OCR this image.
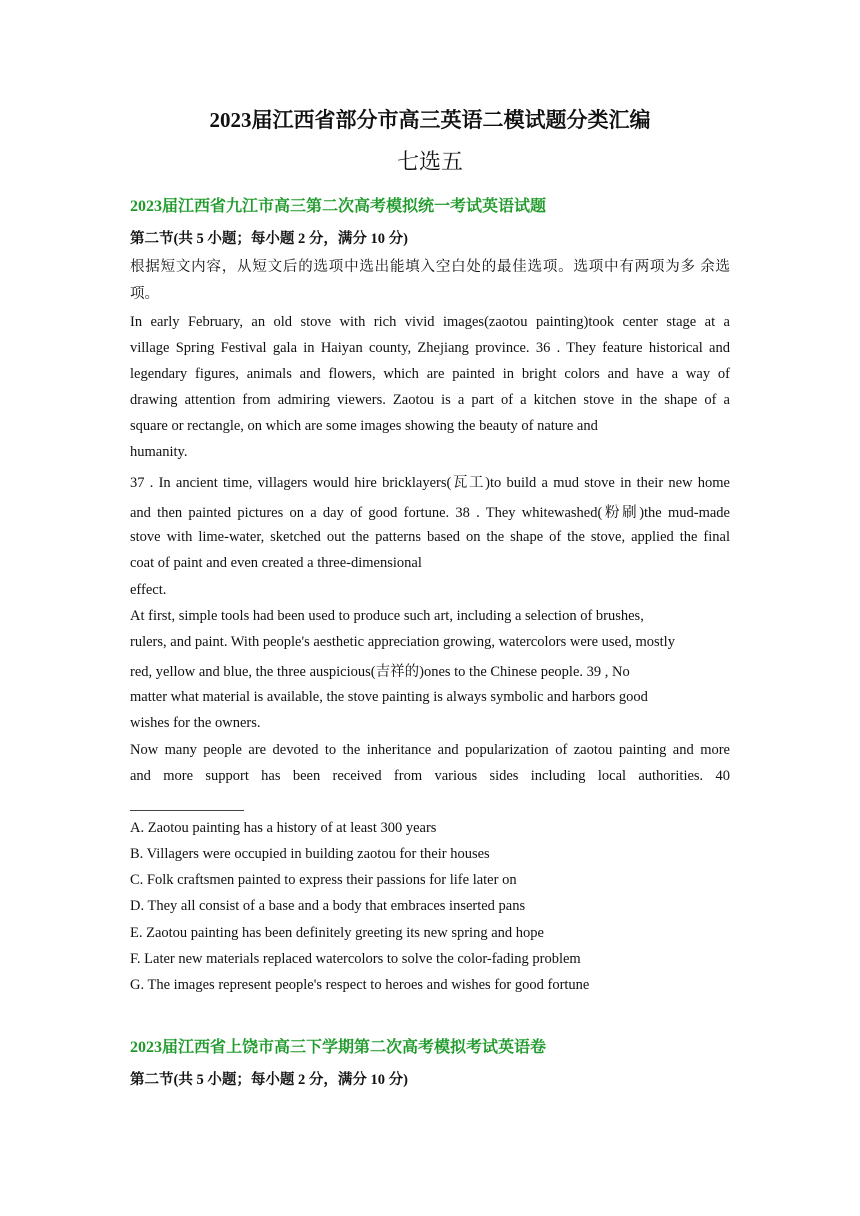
2023届江西省部分市高三英语二模试题分类汇编
七选五
2023届江西省九江市高三第二次高考模拟统一考试英语试题
第二节(共 5 小题；每小题 2 分，满分 10 分)
根据短文内容，从短文后的选项中选出能填入空白处的最佳选项。选项中有两项为多 余选
项。
In early February, an old stove with rich vivid images(zaotou painting)took center stage at a
village Spring Festival gala in Haiyan county, Zhejiang province. 36 . They feature historical and
legendary figures, animals and flowers, which are painted in bright colors and have a way of
drawing attention from admiring viewers. Zaotou is a part of a kitchen stove in the shape of a
square or rectangle, on which are some images showing the beauty of nature and
humanity.
37 . In ancient time, villagers would hire bricklayers(瓦工)to build a mud stove in their new home
and then painted pictures on a day of good fortune. 38 . They whitewashed(粉刷)the mud-made
stove with lime-water, sketched out the patterns based on the shape of the stove, applied the final
coat of paint and even created a three-dimensional
effect.
At first, simple tools had been used to produce such art, including a selection of brushes,
rulers, and paint. With people's aesthetic appreciation growing, watercolors were used, mostly
red, yellow and blue, the three auspicious(吉祥的)ones to the Chinese people. 39 , No
matter what material is available, the stove painting is always symbolic and harbors good
wishes for the owners.
Now many people are devoted to the inheritance and popularization of zaotou painting and more
and more support has been received from various sides including local authorities. 40
A. Zaotou painting has a history of at least 300 years
B. Villagers were occupied in building zaotou for their houses
C. Folk craftsmen painted to express their passions for life later on
D. They all consist of a base and a body that embraces inserted pans
E. Zaotou painting has been definitely greeting its new spring and hope
F. Later new materials replaced watercolors to solve the color-fading problem
G. The images represent people's respect to heroes and wishes for good fortune
2023届江西省上饶市高三下学期第二次高考模拟考试英语卷
第二节(共 5 小题；每小题 2 分，满分 10 分)
